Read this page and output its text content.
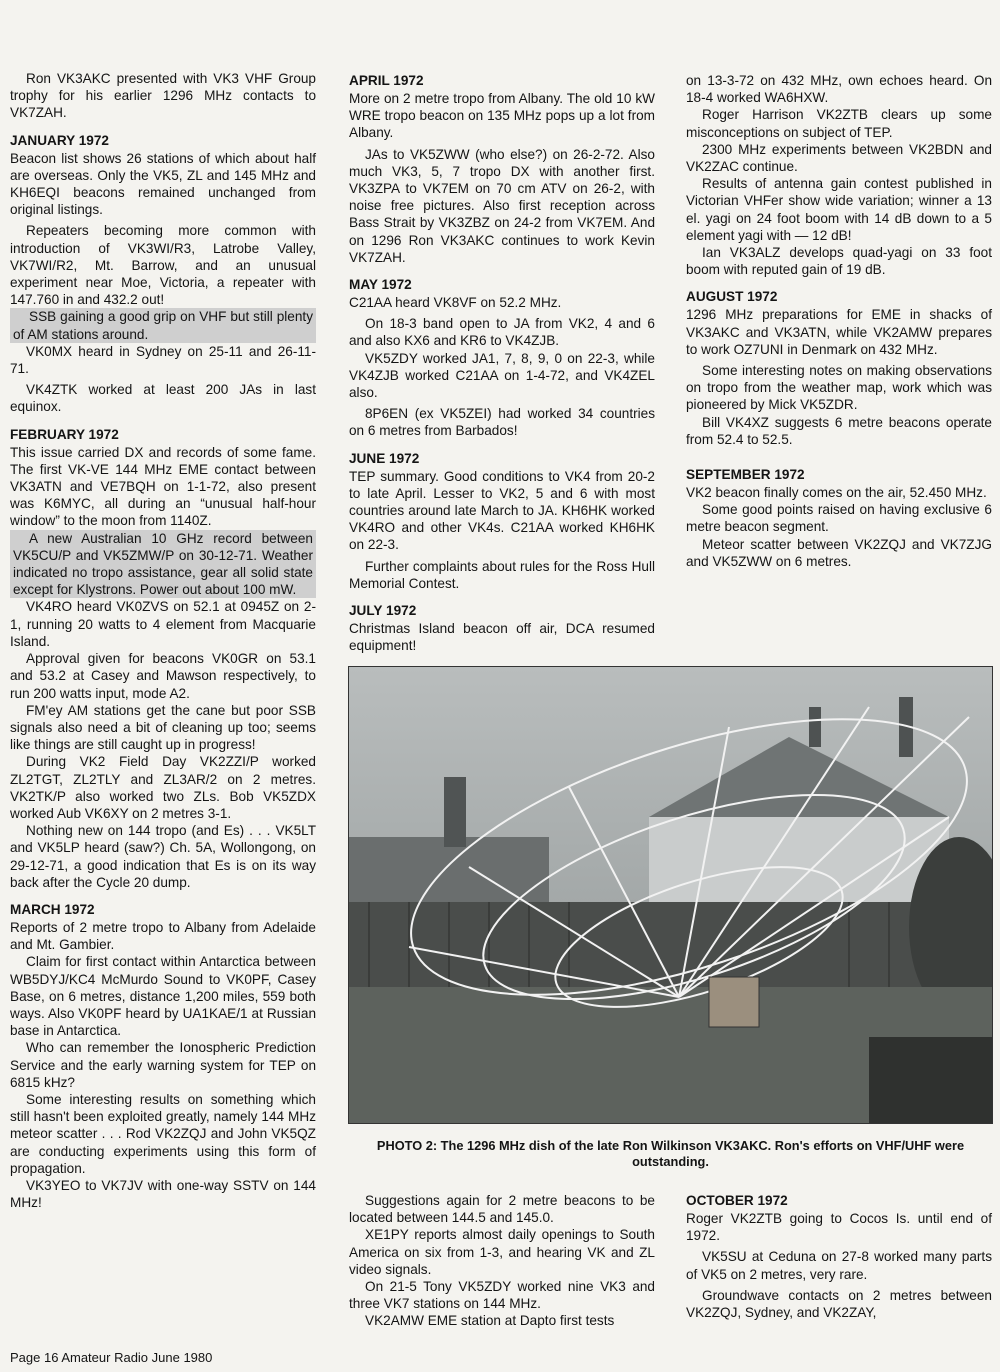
Ron VK3AKC presented with VK3 VHF Group trophy for his earlier 1296 MHz contacts to VK7ZAH.

JANUARY 1972

Beacon list shows 26 stations of which about half are overseas. Only the VK5, ZL and 145 MHz and KH6EQI beacons remained unchanged from original listings.

Repeaters becoming more common with introduction of VK3WI/R3, Latrobe Valley, VK7WI/R2, Mt. Barrow, and an unusual experiment near Moe, Victoria, a repeater with 147.760 in and 432.2 out!

SSB gaining a good grip on VHF but still plenty of AM stations around.

VK0MX heard in Sydney on 25-11 and 26-11-71.

VK4ZTK worked at least 200 JAs in last equinox.

FEBRUARY 1972

This issue carried DX and records of some fame. The first VK-VE 144 MHz EME contact between VK3ATN and VE7BQH on 1-1-72, also present was K6MYC, all during an “unusual half-hour window” to the moon from 1140Z.

A new Australian 10 GHz record between VK5CU/P and VK5ZMW/P on 30-12-71. Weather indicated no tropo assistance, gear all solid state except for Klystrons. Power out about 100 mW.

VK4RO heard VK0ZVS on 52.1 at 0945Z on 2-1, running 20 watts to 4 element from Macquarie Island.

Approval given for beacons VK0GR on 53.1 and 53.2 at Casey and Mawson respectively, to run 200 watts input, mode A2.

FM'ey AM stations get the cane but poor SSB signals also need a bit of cleaning up too; seems like things are still caught up in progress!

During VK2 Field Day VK2ZZI/P worked ZL2TGT, ZL2TLY and ZL3AR/2 on 2 metres. VK2TK/P also worked two ZLs. Bob VK5ZDX worked Aub VK6XY on 2 metres 3-1.

Nothing new on 144 tropo (and Es) . . . VK5LT and VK5LP heard (saw?) Ch. 5A, Wollongong, on 29-12-71, a good indication that Es is on its way back after the Cycle 20 dump.

MARCH 1972

Reports of 2 metre tropo to Albany from Adelaide and Mt. Gambier.

Claim for first contact within Antarctica between WB5DYJ/KC4 McMurdo Sound to VK0PF, Casey Base, on 6 metres, distance 1,200 miles, 559 both ways. Also VK0PF heard by UA1KAE/1 at Russian base in Antarctica.

Who can remember the Ionospheric Prediction Service and the early warning system for TEP on 6815 kHz?

Some interesting results on something which still hasn't been exploited greatly, namely 144 MHz meteor scatter . . . Rod VK2ZQJ and John VK5QZ are conducting experiments using this form of propagation.

VK3YEO to VK7JV with one-way SSTV on 144 MHz!

APRIL 1972

More on 2 metre tropo from Albany. The old 10 kW WRE tropo beacon on 135 MHz pops up a lot from Albany.

JAs to VK5ZWW (who else?) on 26-2-72. Also much VK3, 5, 7 tropo DX with another first. VK3ZPA to VK7EM on 70 cm ATV on 26-2, with noise free pictures. Also first reception across Bass Strait by VK3ZBZ on 24-2 from VK7EM. And on 1296 Ron VK3AKC continues to work Kevin VK7ZAH.

MAY 1972

C21AA heard VK8VF on 52.2 MHz.

On 18-3 band open to JA from VK2, 4 and 6 and also KX6 and KR6 to VK4ZJB.

VK5ZDY worked JA1, 7, 8, 9, 0 on 22-3, while VK4ZJB worked C21AA on 1-4-72, and VK4ZEL also.

8P6EN (ex VK5ZEI) had worked 34 countries on 6 metres from Barbados!

JUNE 1972

TEP summary. Good conditions to VK4 from 20-2 to late April. Lesser to VK2, 5 and 6 with most countries around late March to JA. KH6HK worked VK4RO and other VK4s. C21AA worked KH6HK on 22-3.

Further complaints about rules for the Ross Hull Memorial Contest.

JULY 1972

Christmas Island beacon off air, DCA resumed equipment!

on 13-3-72 on 432 MHz, own echoes heard. On 18-4 worked WA6HXW.

Roger Harrison VK2ZTB clears up some misconceptions on subject of TEP.

2300 MHz experiments between VK2BDN and VK2ZAC continue.

Results of antenna gain contest published in Victorian VHFer show wide variation; winner a 13 el. yagi on 24 foot boom with 14 dB down to a 5 element yagi with — 12 dB!

Ian VK3ALZ develops quad-yagi on 33 foot boom with reputed gain of 19 dB.

AUGUST 1972

1296 MHz preparations for EME in shacks of VK3AKC and VK3ATN, while VK2AMW prepares to work OZ7UNI in Denmark on 432 MHz.

Some interesting notes on making observations on tropo from the weather map, work which was pioneered by Mick VK5ZDR.

Bill VK4XZ suggests 6 metre beacons operate from 52.4 to 52.5.

SEPTEMBER 1972

VK2 beacon finally comes on the air, 52.450 MHz.

Some good points raised on having exclusive 6 metre beacon segment.

Meteor scatter between VK2ZQJ and VK7ZJG and VK5ZWW on 6 metres.

PHOTO 2: The 1296 MHz dish of the late Ron Wilkinson VK3AKC. Ron's efforts on VHF/UHF were outstanding.

Suggestions again for 2 metre beacons to be located between 144.5 and 145.0.

XE1PY reports almost daily openings to South America on six from 1-3, and hearing VK and ZL video signals.

On 21-5 Tony VK5ZDY worked nine VK3 and three VK7 stations on 144 MHz.

VK2AMW EME station at Dapto first tests

OCTOBER 1972

Roger VK2ZTB going to Cocos Is. until end of 1972.

VK5SU at Ceduna on 27-8 worked many parts of VK5 on 2 metres, very rare.

Groundwave contacts on 2 metres between VK2ZQJ, Sydney, and VK2ZAY,

Page 16 Amateur Radio June 1980
